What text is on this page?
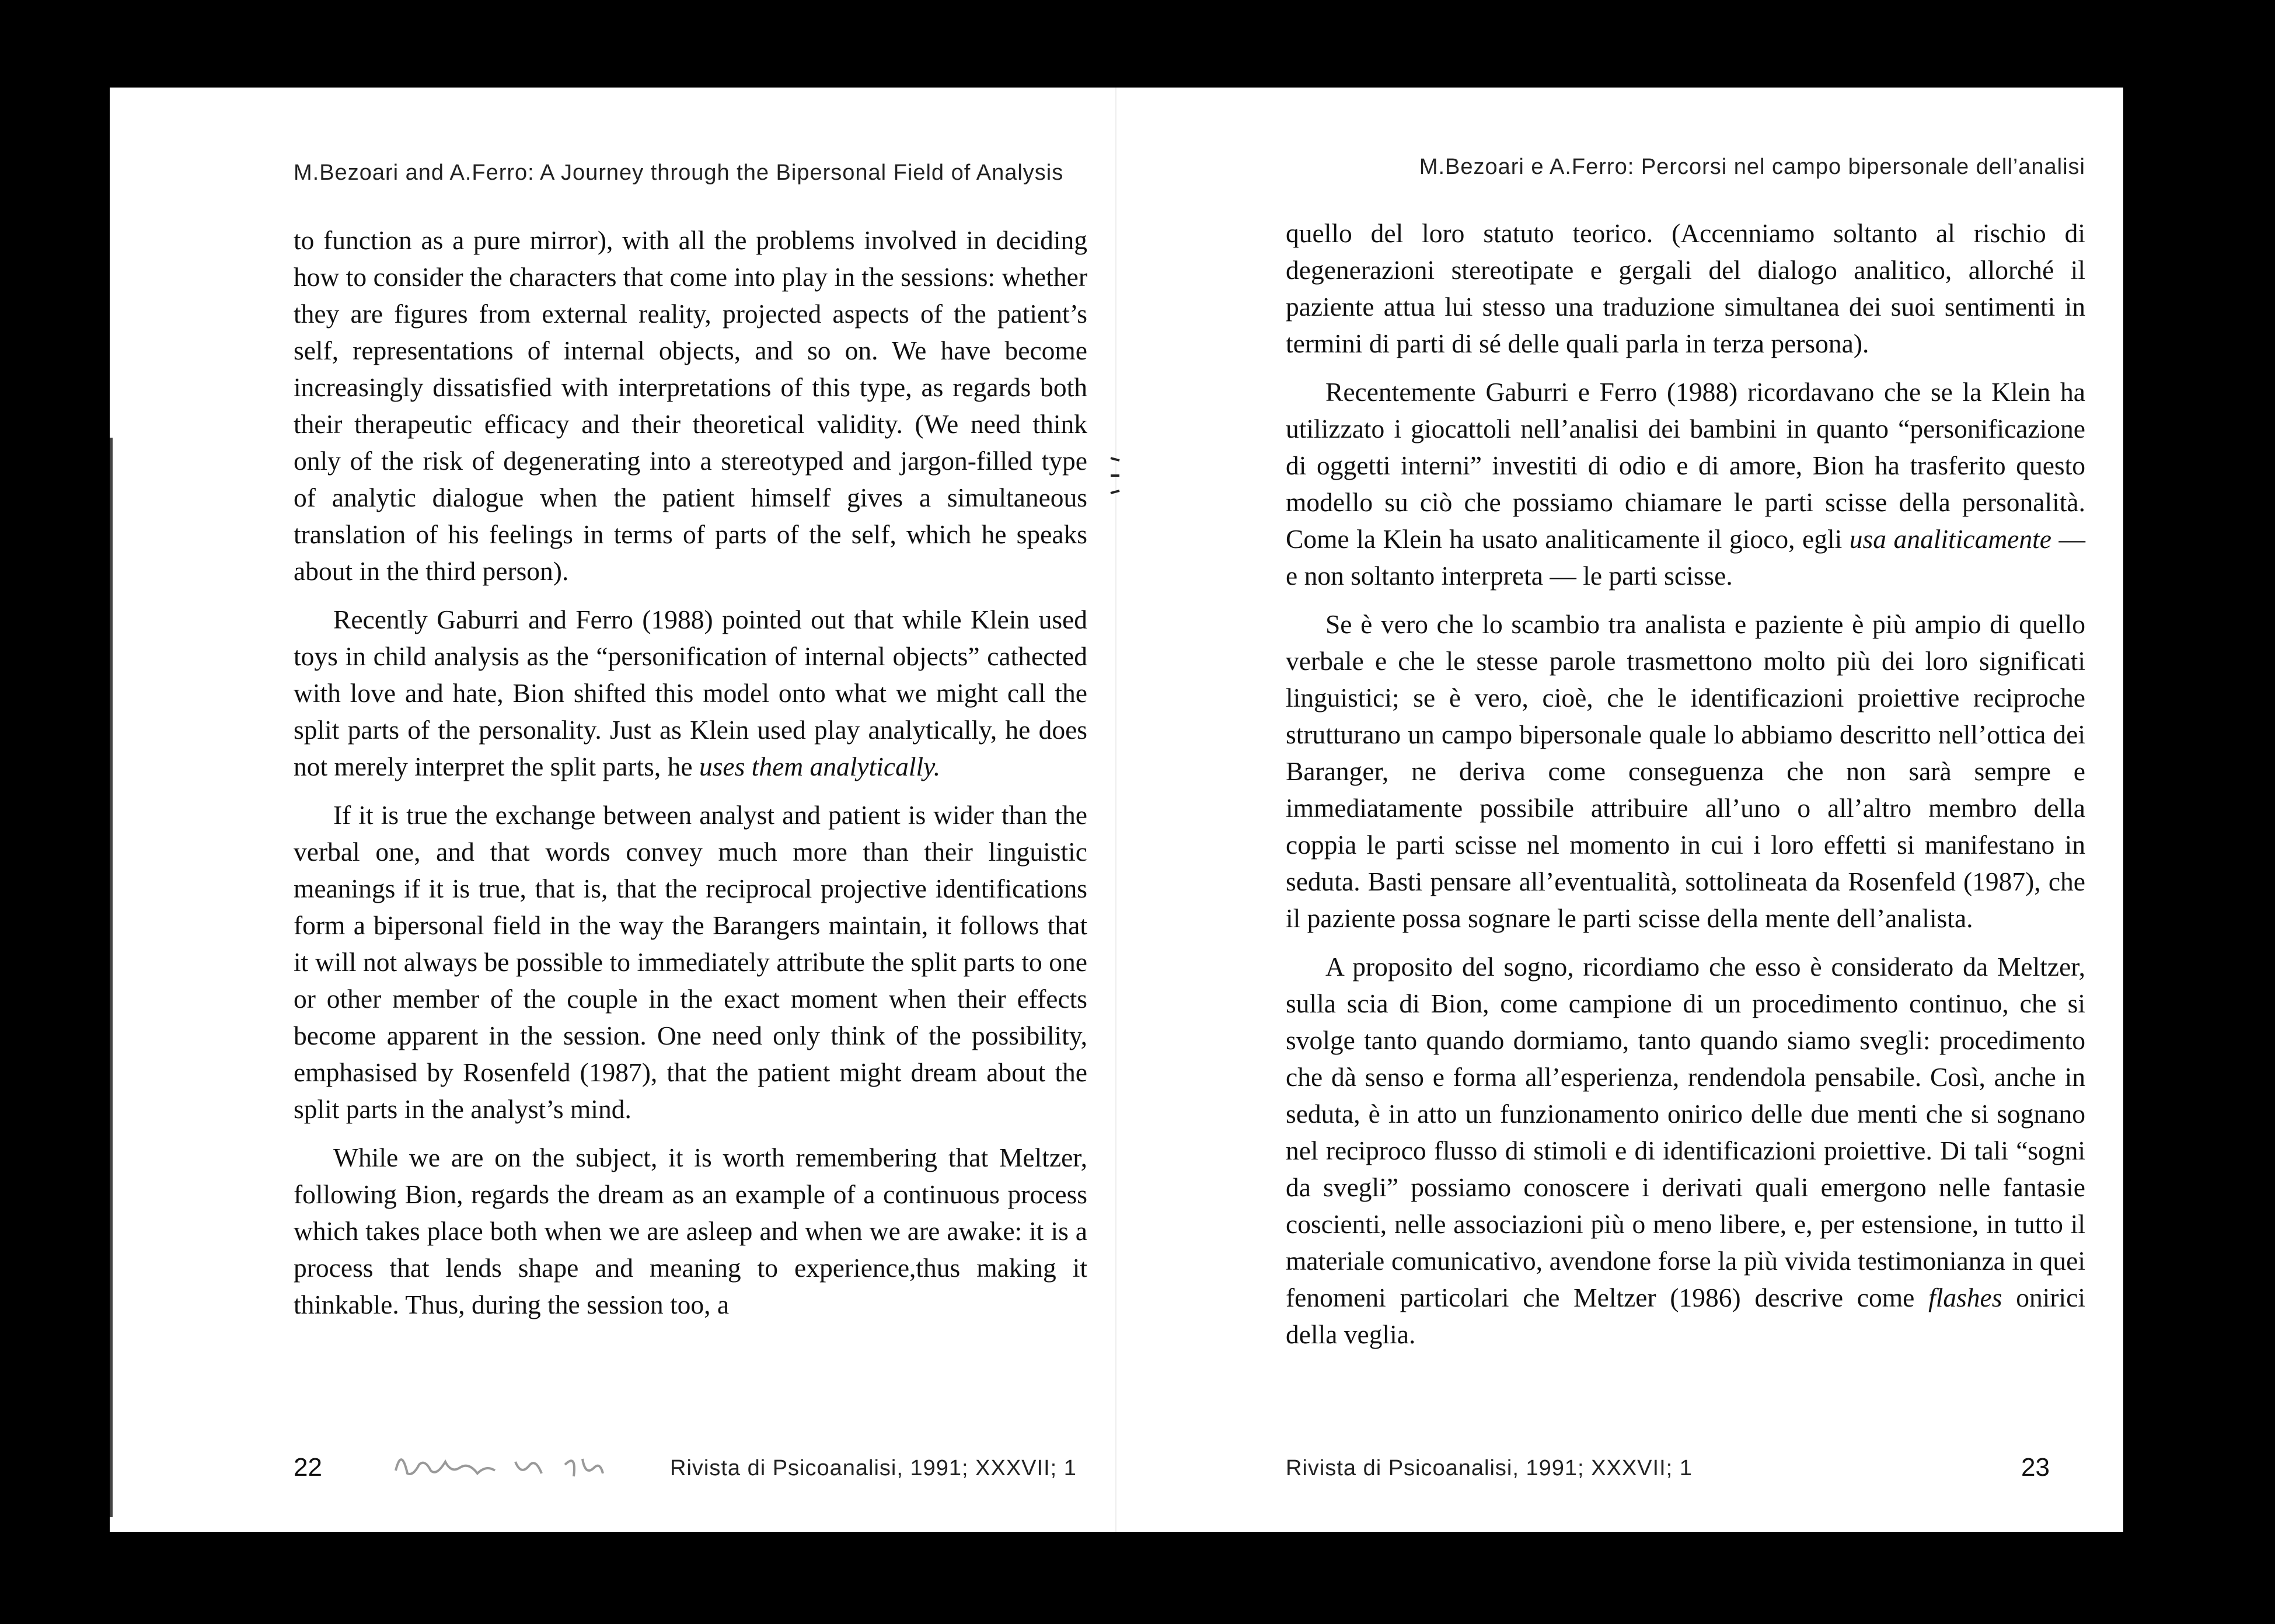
M.Bezoari and A.Ferro: A Journey through the Bipersonal Field of Analysis

to function as a pure mirror), with all the problems involved in deciding how to consider the characters that come into play in the sessions: whether they are figures from external reality, projected aspects of the patient’s self, representations of internal objects, and so on. We have become increasingly dissatisfied with interpretations of this type, as regards both their therapeutic efficacy and their theoretical validity. (We need think only of the risk of degenerating into a stereotyped and jargon-filled type of analytic dialogue when the patient himself gives a simultaneous translation of his feelings in terms of parts of the self, which he speaks about in the third person).

Recently Gaburri and Ferro (1988) pointed out that while Klein used toys in child analysis as the “personification of internal objects” cathected with love and hate, Bion shifted this model onto what we might call the split parts of the personality. Just as Klein used play analytically, he does not merely interpret the split parts, he uses them analytically.

If it is true the exchange between analyst and patient is wider than the verbal one, and that words convey much more than their linguistic meanings if it is true, that is, that the reciprocal projective identifications form a bipersonal field in the way the Barangers maintain, it follows that it will not always be possible to immediately attribute the split parts to one or other member of the couple in the exact moment when their effects become apparent in the session. One need only think of the possibility, emphasised by Rosenfeld (1987), that the patient might dream about the split parts in the analyst’s mind.

While we are on the subject, it is worth remembering that Meltzer, following Bion, regards the dream as an example of a continuous process which takes place both when we are asleep and when we are awake: it is a process that lends shape and meaning to experience,thus making it thinkable. Thus, during the session too, a

22	Rivista di Psicoanalisi, 1991; XXXVII; 1
M.Bezoari e A.Ferro: Percorsi nel campo bipersonale dell’analisi

quello del loro statuto teorico. (Accenniamo soltanto al rischio di degenerazioni stereotipate e gergali del dialogo analitico, allorché il paziente attua lui stesso una traduzione simultanea dei suoi sentimenti in termini di parti di sé delle quali parla in terza persona).

Recentemente Gaburri e Ferro (1988) ricordavano che se la Klein ha utilizzato i giocattoli nell’analisi dei bambini in quanto “personificazione di oggetti interni” investiti di odio e di amore, Bion ha trasferito questo modello su ciò che possiamo chiamare le parti scisse della personalità. Come la Klein ha usato analiticamente il gioco, egli usa analiticamente — e non soltanto interpreta — le parti scisse.

Se è vero che lo scambio tra analista e paziente è più ampio di quello verbale e che le stesse parole trasmettono molto più dei loro significati linguistici; se è vero, cioè, che le identificazioni proiettive reciproche strutturano un campo bipersonale quale lo abbiamo descritto nell’ottica dei Baranger, ne deriva come conseguenza che non sarà sempre e immediatamente possibile attribuire all’uno o all’altro membro della coppia le parti scisse nel momento in cui i loro effetti si manifestano in seduta. Basti pensare all’eventualità, sottolineata da Rosenfeld (1987), che il paziente possa sognare le parti scisse della mente dell’analista.

A proposito del sogno, ricordiamo che esso è considerato da Meltzer, sulla scia di Bion, come campione di un procedimento continuo, che si svolge tanto quando dormiamo, tanto quando siamo svegli: procedimento che dà senso e forma all’esperienza, rendendola pensabile. Così, anche in seduta, è in atto un funzionamento onirico delle due menti che si sognano nel reciproco flusso di stimoli e di identificazioni proiettive. Di tali “sogni da svegli” possiamo conoscere i derivati quali emergono nelle fantasie coscienti, nelle associazioni più o meno libere, e, per estensione, in tutto il materiale comunicativo, avendone forse la più vivida testimonianza in quei fenomeni particolari che Meltzer (1986) descrive come flashes onirici della veglia.

Rivista di Psicoanalisi, 1991; XXXVII; 1	23
